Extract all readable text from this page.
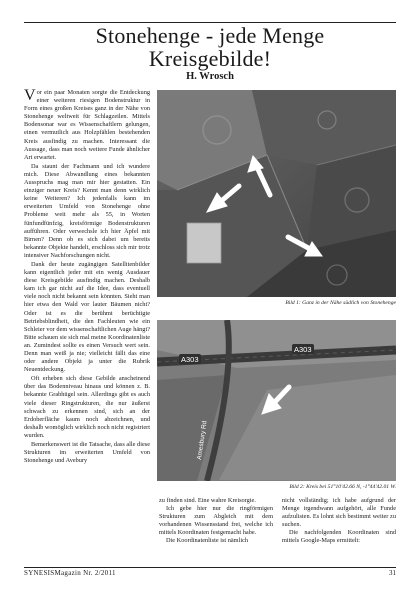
Stonehenge - jede Menge
Kreisgebilde!
H. Wrosch

Vor ein paar Monaten sorgte die Entdeckung einer weiteren riesigen Bodenstruktur in Form eines großen Kreises ganz in der Nähe von Stonehenge weltweit für Schlagzeilen. Mittels Bodensonar war es Wissenschaftlern gelungen, einen vermutlich aus Holzpfählen bestehenden Kreis ausfindig zu machen. Interessant die Aussage, dass man noch weitere Funde ähnlicher Art erwartet.

Da staunt der Fachmann und ich wundere mich. Diese Abwandlung eines bekannten Ausspruchs mag man mir hier gestatten. Ein einziger neuer Kreis? Kennt man denn wirklich keine Weiteren? Ich jedenfalls kann im erweiterten Umfeld von Stonehenge ohne Probleme weit mehr als 55, in Worten fünfundfünfzig, kreisförmige Bodenstrukturen aufführen. Oder verwechsle ich hier Äpfel mit Birnen? Denn ob es sich dabei um bereits bekannte Objekte handelt, erschloss sich mir trotz intensiver Nachforschungen nicht.

Dank der heute zugängigen Satellitenbilder kann eigentlich jeder mit ein wenig Ausdauer diese Kreisgebilde ausfindig machen. Deshalb kam ich gar nicht auf die Idee, dass eventuell viele noch nicht bekannt sein könnten. Sieht man hier etwa den Wald vor lauter Bäumen nicht? Oder ist es die berühmt berüchtigte Betriebsblindheit, die den Fachleuten wie ein Schleier vor dem wissenschaftlichen Auge hängt? Bitte schauen sie sich mal meine Koordinatenliste an. Zumindest sollte es einen Versuch wert sein. Denn man weiß ja nie; vielleicht fällt das eine oder andere Objekt ja unter die Rubrik Neuentdeckung.

Oft erheben sich diese Gebilde anscheinend über das Bodenniveau hinaus und können z. B. bekannte Grabhügel sein. Allerdings gibt es auch viele dieser Ringstrukturen, die nur äußerst schwach zu erkennen sind, sich an der Erdoberfläche kaum noch abzeichnen, und deshalb womöglich wirklich noch nicht registriert wurden.

Bemerkenswert ist die Tatsache, dass alle diese Strukturen im erweiterten Umfeld von Stonehenge und Avebury

Bild 1: Ganz in der Nähe südlich von Stonehenge
A303
A303
Amesbury Rd
Bild 2: Kreis bei 51°10'42.66 N, -1°44'42.01 W.

zu finden sind. Eine wahre Kreisorgie.

Ich gebe hier nur die ringförmigen Strukturen zum Abgleich mit dem vorhandenen Wissensstand frei, welche ich mittels Koordinaten festgemacht habe.

Die Koordinatenliste ist nämlich

nicht vollständig; ich habe aufgrund der Menge irgendwann aufgehört, alle Funde aufzulisten. Es lohnt sich bestimmt weiter zu suchen.

Die nachfolgenden Koordinaten sind mittels Google-Maps ermittelt:

SYNESISMagazin Nr. 2/2011	31
